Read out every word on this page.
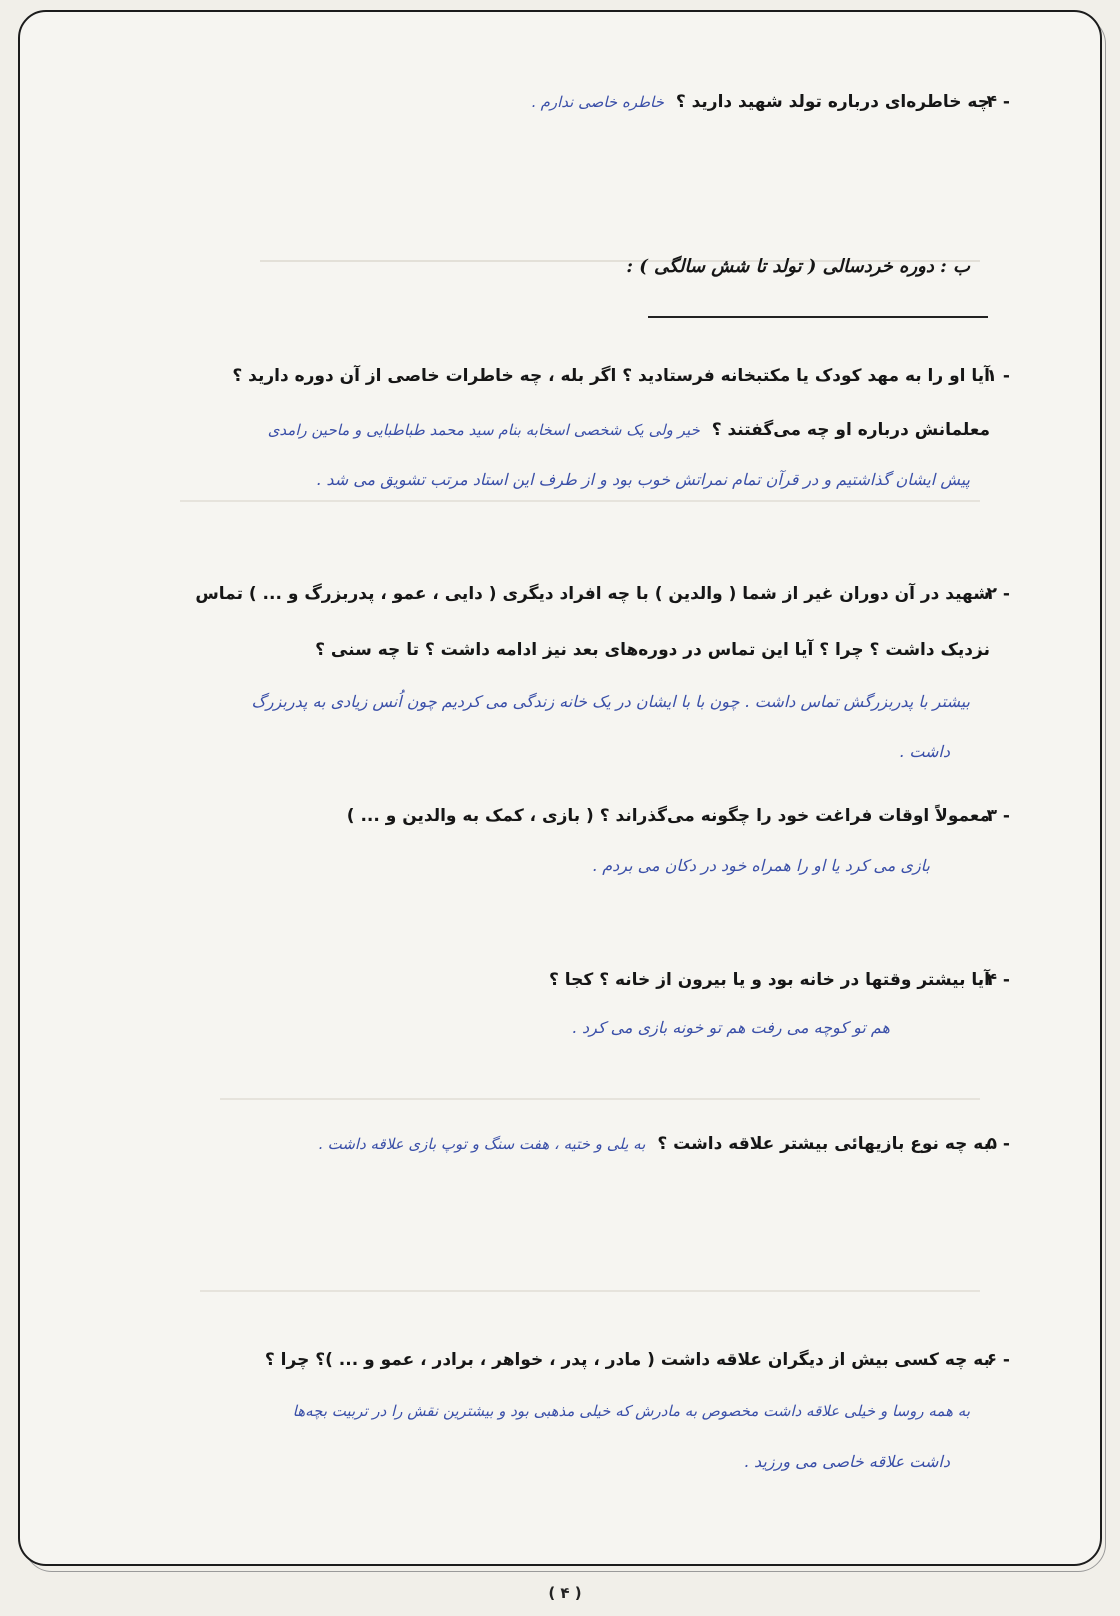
۴ -
چه خاطره‌ای درباره تولد شهید دارید ؟ خاطره‌ خاصی ندارم .
ب : دوره خردسالی ( تولد تا شش سالگی ) :
۱ -
آیا او را به مهد کودک یا مکتبخانه فرستادید ؟ اگر بله ، چه خاطرات خاصی از آن دوره دارید ؟
معلمانش درباره او چه می‌گفتند ؟ خیر ولی یک شخصی اسخابه بنام سید محمد طباطبایی و ماحین رامدی
پیش ایشان گذاشتیم و در قرآن تمام نمراتش خوب بود و از طرف این استاد مرتب تشویق می شد .
۲ -
شهید در آن دوران غیر از شما ( والدین ) با چه افراد دیگری ( دایی ، عمو ، پدربزرگ و ... ) تماس
نزدیک داشت ؟ چرا ؟ آیا این تماس در دوره‌های بعد نیز ادامه داشت ؟ تا چه سنی ؟
بیشتر با پدربزرگش تماس داشت . چون با با ایشان در یک خانه زندگی می کردیم چون اُنس زیادی به پدربزرگ
داشت .
۳ -
معمولاً اوقات فراغت خود را چگونه می‌گذراند ؟ ( بازی ، کمک به والدین و ... )
بازی می کرد یا او را همراه خود در دکان می بردم .
۴ -
آیا بیشتر وقتها در خانه بود و یا بیرون از خانه ؟ کجا ؟
هم تو کوچه می رفت هم تو خونه بازی می کرد .
۵ -
به چه نوع بازیهائی بیشتر علاقه داشت ؟ به یلی و ختیه ، هفت سنگ و توپ بازی علاقه داشت .
۶ -
به چه کسی بیش از دیگران علاقه داشت ( مادر ، پدر ، خواهر ، برادر ، عمو و ... )؟ چرا ؟
به همه روسا و خیلی علاقه داشت مخصوص به مادرش که خیلی مذهبی بود و بیشترین نقش را در تربیت بچه‌ها
داشت علاقه خاصی می ورزید .
( ۴ )
